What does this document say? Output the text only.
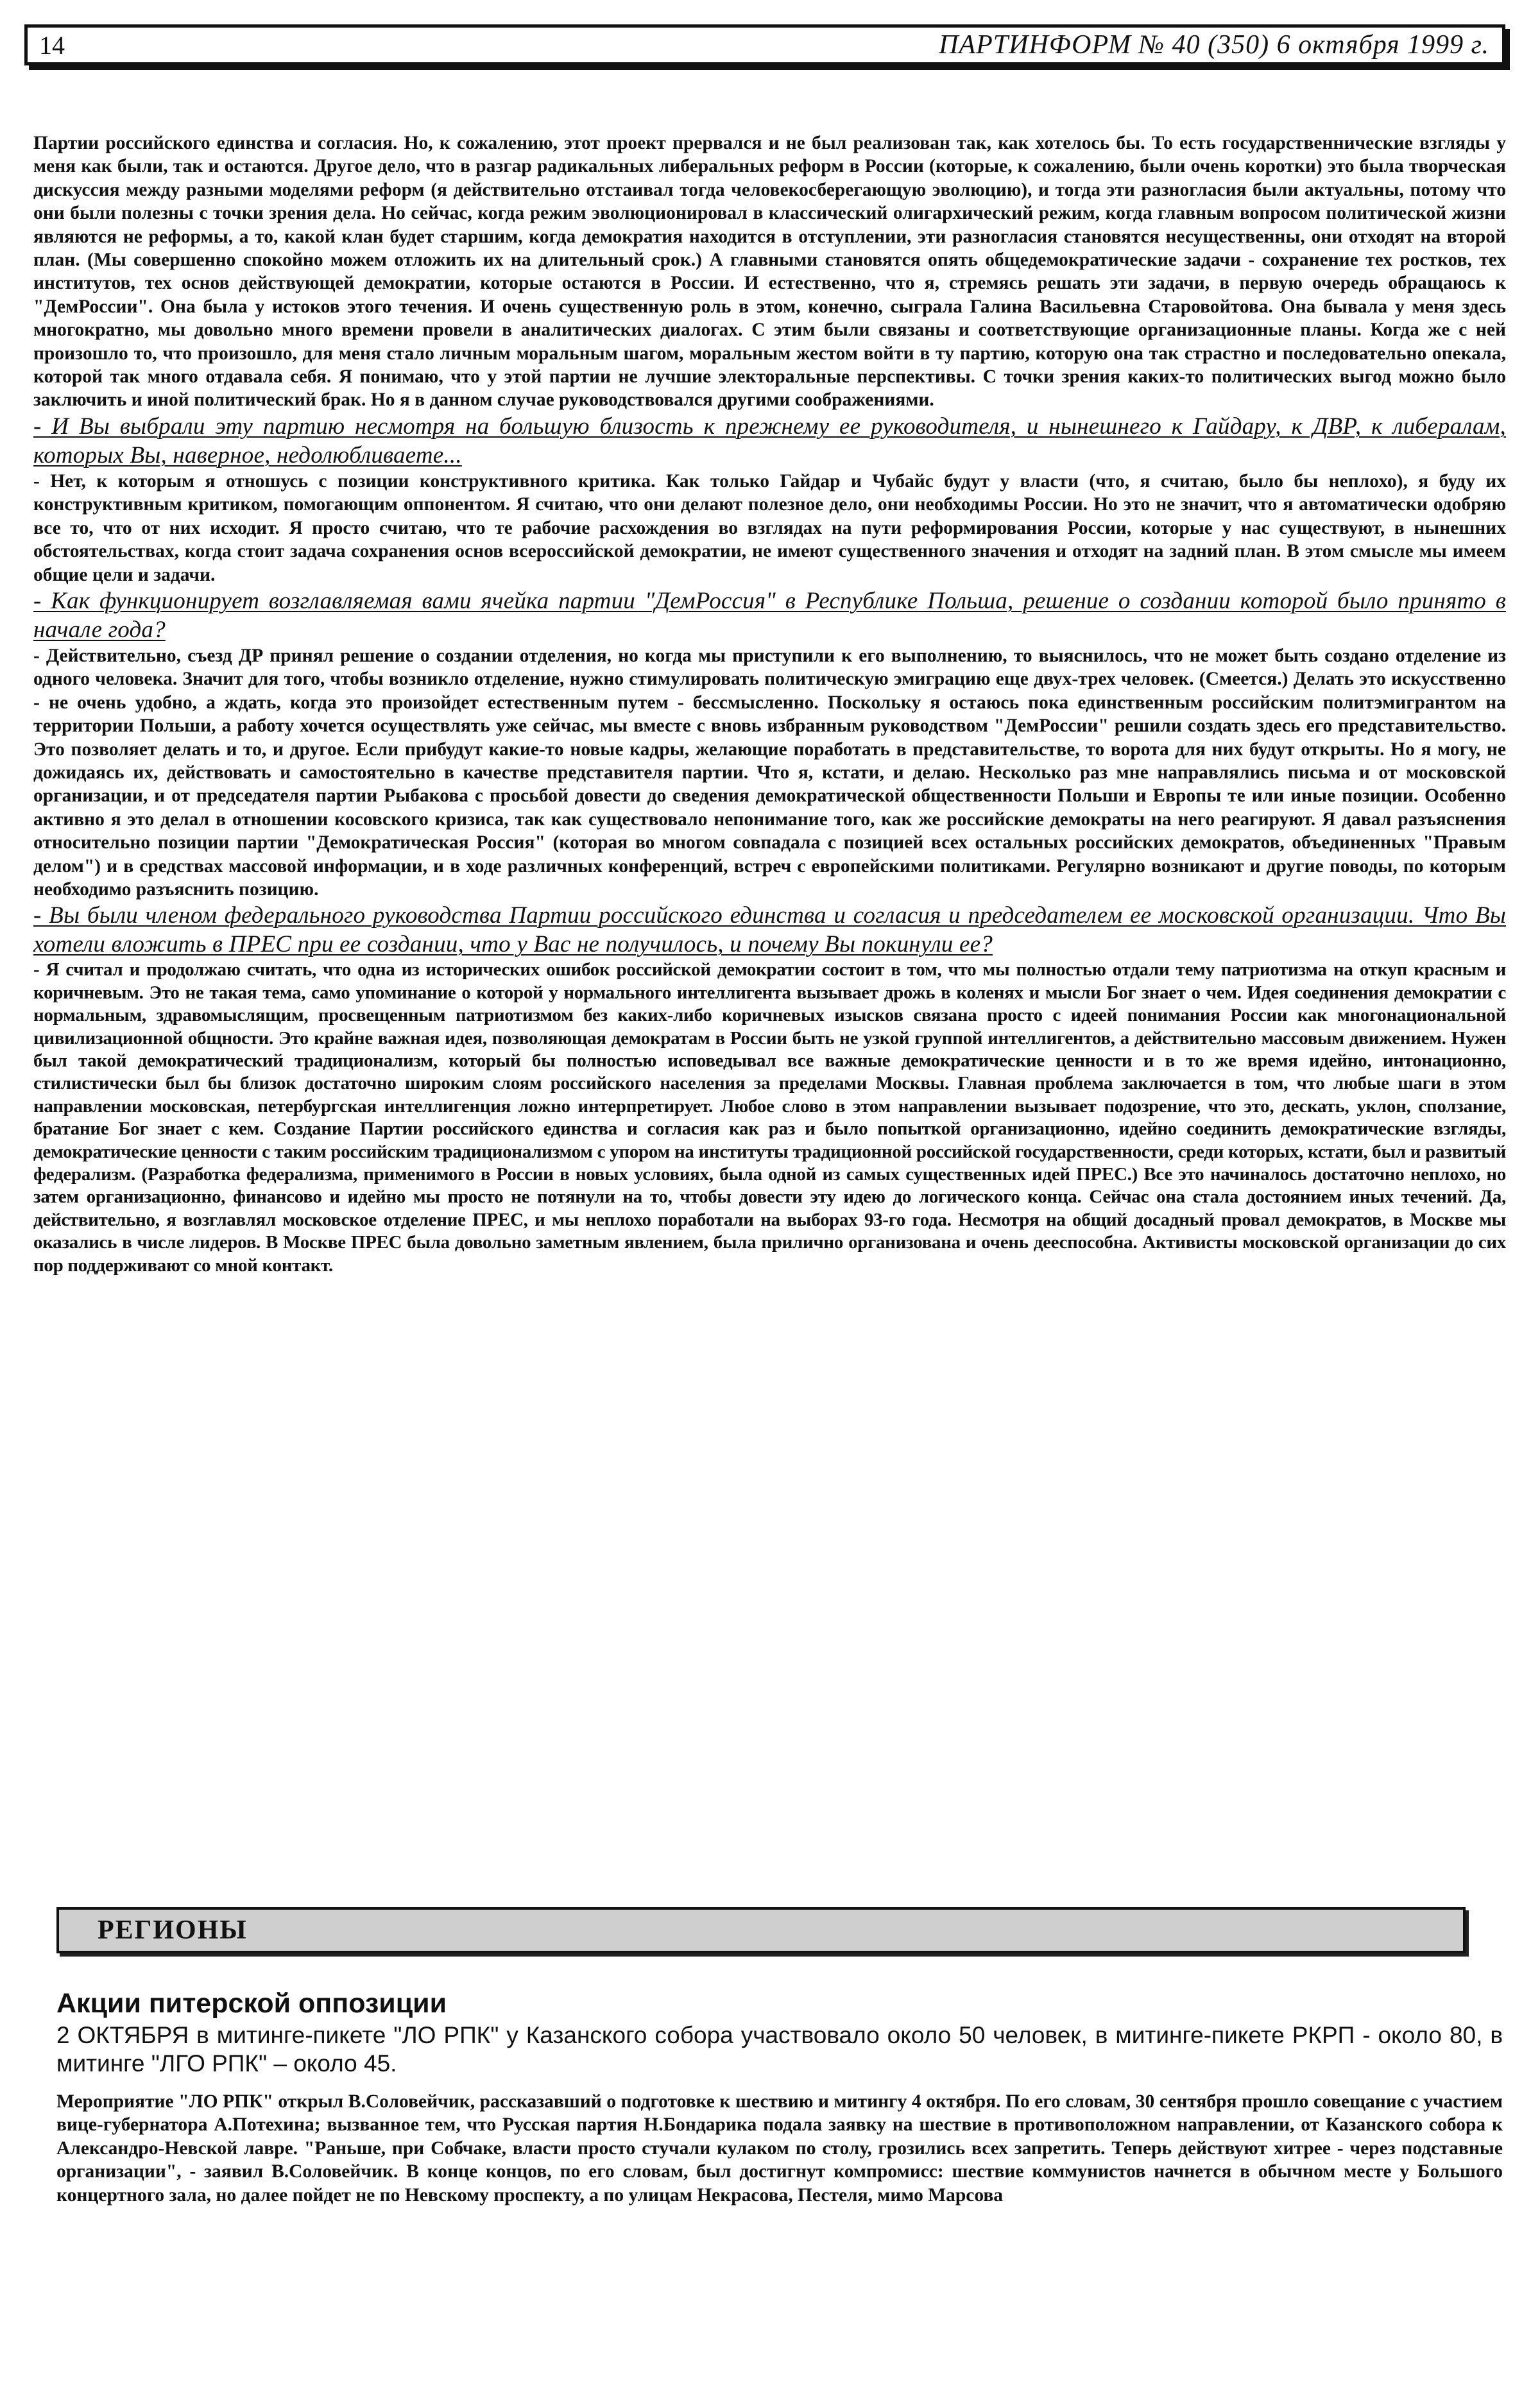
14	ПАРТИНФОРМ № 40 (350) 6 октября 1999 г.

Партии российского единства и согласия. Но, к сожалению, этот проект прервался и не был реализован так, как хотелось бы. То есть государственнические взгляды у меня как были, так и остаются. Другое дело, что в разгар радикальных либеральных реформ в России (которые, к сожалению, были очень коротки) это была творческая дискуссия между разными моделями реформ (я действительно отстаивал тогда человекосберегающую эволюцию), и тогда эти разногласия были актуальны, потому что они были полезны с точки зрения дела. Но сейчас, когда режим эволюционировал в классический олигархический режим, когда главным вопросом политической жизни являются не реформы, а то, какой клан будет старшим, когда демократия находится в отступлении, эти разногласия становятся несущественны, они отходят на второй план. (Мы совершенно спокойно можем отложить их на длительный срок.) А главными становятся опять общедемократические задачи - сохранение тех ростков, тех институтов, тех основ действующей демократии, которые остаются в России. И естественно, что я, стремясь решать эти задачи, в первую очередь обращаюсь к "ДемРоссии". Она была у истоков этого течения. И очень существенную роль в этом, конечно, сыграла Галина Васильевна Старовойтова. Она бывала у меня здесь многократно, мы довольно много времени провели в аналитических диалогах. С этим были связаны и соответствующие организационные планы. Когда же с ней произошло то, что произошло, для меня стало личным моральным шагом, моральным жестом войти в ту партию, которую она так страстно и последовательно опекала, которой так много отдавала себя. Я понимаю, что у этой партии не лучшие электоральные перспективы. С точки зрения каких-то политических выгод можно было заключить и иной политический брак. Но я в данном случае руководствовался другими соображениями.

- И Вы выбрали эту партию несмотря на большую близость к прежнему ее руководителя, и нынешнего к Гайдару, к ДВР, к либералам, которых Вы, наверное, недолюбливаете...

- Нет, к которым я отношусь с позиции конструктивного критика. Как только Гайдар и Чубайс будут у власти (что, я считаю, было бы неплохо), я буду их конструктивным критиком, помогающим оппонентом. Я считаю, что они делают полезное дело, они необходимы России. Но это не значит, что я автоматически одобряю все то, что от них исходит. Я просто считаю, что те рабочие расхождения во взглядах на пути реформирования России, которые у нас существуют, в нынешних обстоятельствах, когда стоит задача сохранения основ всероссийской демократии, не имеют существенного значения и отходят на задний план. В этом смысле мы имеем общие цели и задачи.

- Как функционирует возглавляемая вами ячейка партии "ДемРоссия" в Республике Польша, решение о создании которой было принято в начале года?

- Действительно, съезд ДР принял решение о создании отделения, но когда мы приступили к его выполнению, то выяснилось, что не может быть создано отделение из одного человека. Значит для того, чтобы возникло отделение, нужно стимулировать политическую эмиграцию еще двух-трех человек. (Смеется.) Делать это искусственно - не очень удобно, а ждать, когда это произойдет естественным путем - бессмысленно. Поскольку я остаюсь пока единственным российским политэмигрантом на территории Польши, а работу хочется осуществлять уже сейчас, мы вместе с вновь избранным руководством "ДемРоссии" решили создать здесь его представительство. Это позволяет делать и то, и другое. Если прибудут какие-то новые кадры, желающие поработать в представительстве, то ворота для них будут открыты. Но я могу, не дожидаясь их, действовать и самостоятельно в качестве представителя партии. Что я, кстати, и делаю. Несколько раз мне направлялись письма и от московской организации, и от председателя партии Рыбакова с просьбой довести до сведения демократической общественности Польши и Европы те или иные позиции. Особенно активно я это делал в отношении косовского кризиса, так как существовало непонимание того, как же российские демократы на него реагируют. Я давал разъяснения относительно позиции партии "Демократическая Россия" (которая во многом совпадала с позицией всех остальных российских демократов, объединенных "Правым делом") и в средствах массовой информации, и в ходе различных конференций, встреч с европейскими политиками. Регулярно возникают и другие поводы, по которым необходимо разъяснить позицию.

- Вы были членом федерального руководства Партии российского единства и согласия и председателем ее московской организации. Что Вы хотели вложить в ПРЕС при ее создании, что у Вас не получилось, и почему Вы покинули ее?

- Я считал и продолжаю считать, что одна из исторических ошибок российской демократии состоит в том, что мы полностью отдали тему патриотизма на откуп красным и коричневым. Это не такая тема, само упоминание о которой у нормального интеллигента вызывает дрожь в коленях и мысли Бог знает о чем. Идея соединения демократии с нормальным, здравомыслящим, просвещенным патриотизмом без каких-либо коричневых изысков связана просто с идеей понимания России как многонациональной цивилизационной общности. Это крайне важная идея, позволяющая демократам в России быть не узкой группой интеллигентов, а действительно массовым движением. Нужен был такой демократический традиционализм, который бы полностью исповедывал все важные демократические ценности и в то же время идейно, интонационно, стилистически был бы близок достаточно широким слоям российского населения за пределами Москвы. Главная проблема заключается в том, что любые шаги в этом направлении московская, петербургская интеллигенция ложно интерпретирует. Любое слово в этом направлении вызывает подозрение, что это, дескать, уклон, сползание, братание Бог знает с кем. Создание Партии российского единства и согласия как раз и было попыткой организационно, идейно соединить демократические взгляды, демократические ценности с таким российским традиционализмом с упором на институты традиционной российской государственности, среди которых, кстати, был и развитый федерализм. (Разработка федерализма, применимого в России в новых условиях, была одной из самых существенных идей ПРЕС.) Все это начиналось достаточно неплохо, но затем организационно, финансово и идейно мы просто не потянули на то, чтобы довести эту идею до логического конца. Сейчас она стала достоянием иных течений. Да, действительно, я возглавлял московское отделение ПРЕС, и мы неплохо поработали на выборах 93-го года. Несмотря на общий досадный провал демократов, в Москве мы оказались в числе лидеров. В Москве ПРЕС была довольно заметным явлением, была прилично организована и очень дееспособна. Активисты московской организации до сих пор поддерживают со мной контакт.

РЕГИОНЫ
Акции питерской оппозиции

2 ОКТЯБРЯ в митинге-пикете "ЛО РПК" у Казанского собора участвовало около 50 человек, в митинге-пикете РКРП - около 80, в митинге "ЛГО РПК" – около 45.

Мероприятие "ЛО РПК" открыл В.Соловейчик, рассказавший о подготовке к шествию и митингу 4 октября. По его словам, 30 сентября прошло совещание с участием вице-губернатора А.Потехина; вызванное тем, что Русская партия Н.Бондарика подала заявку на шествие в противоположном направлении, от Казанского собора к Александро-Невской лавре. "Раньше, при Собчаке, власти просто стучали кулаком по столу, грозились всех запретить. Теперь действуют хитрее - через подставные организации", - заявил В.Соловейчик. В конце концов, по его словам, был достигнут компромисс: шествие коммунистов начнется в обычном месте у Большого концертного зала, но далее пойдет не по Невскому проспекту, а по улицам Некрасова, Пестеля, мимо Марсова
